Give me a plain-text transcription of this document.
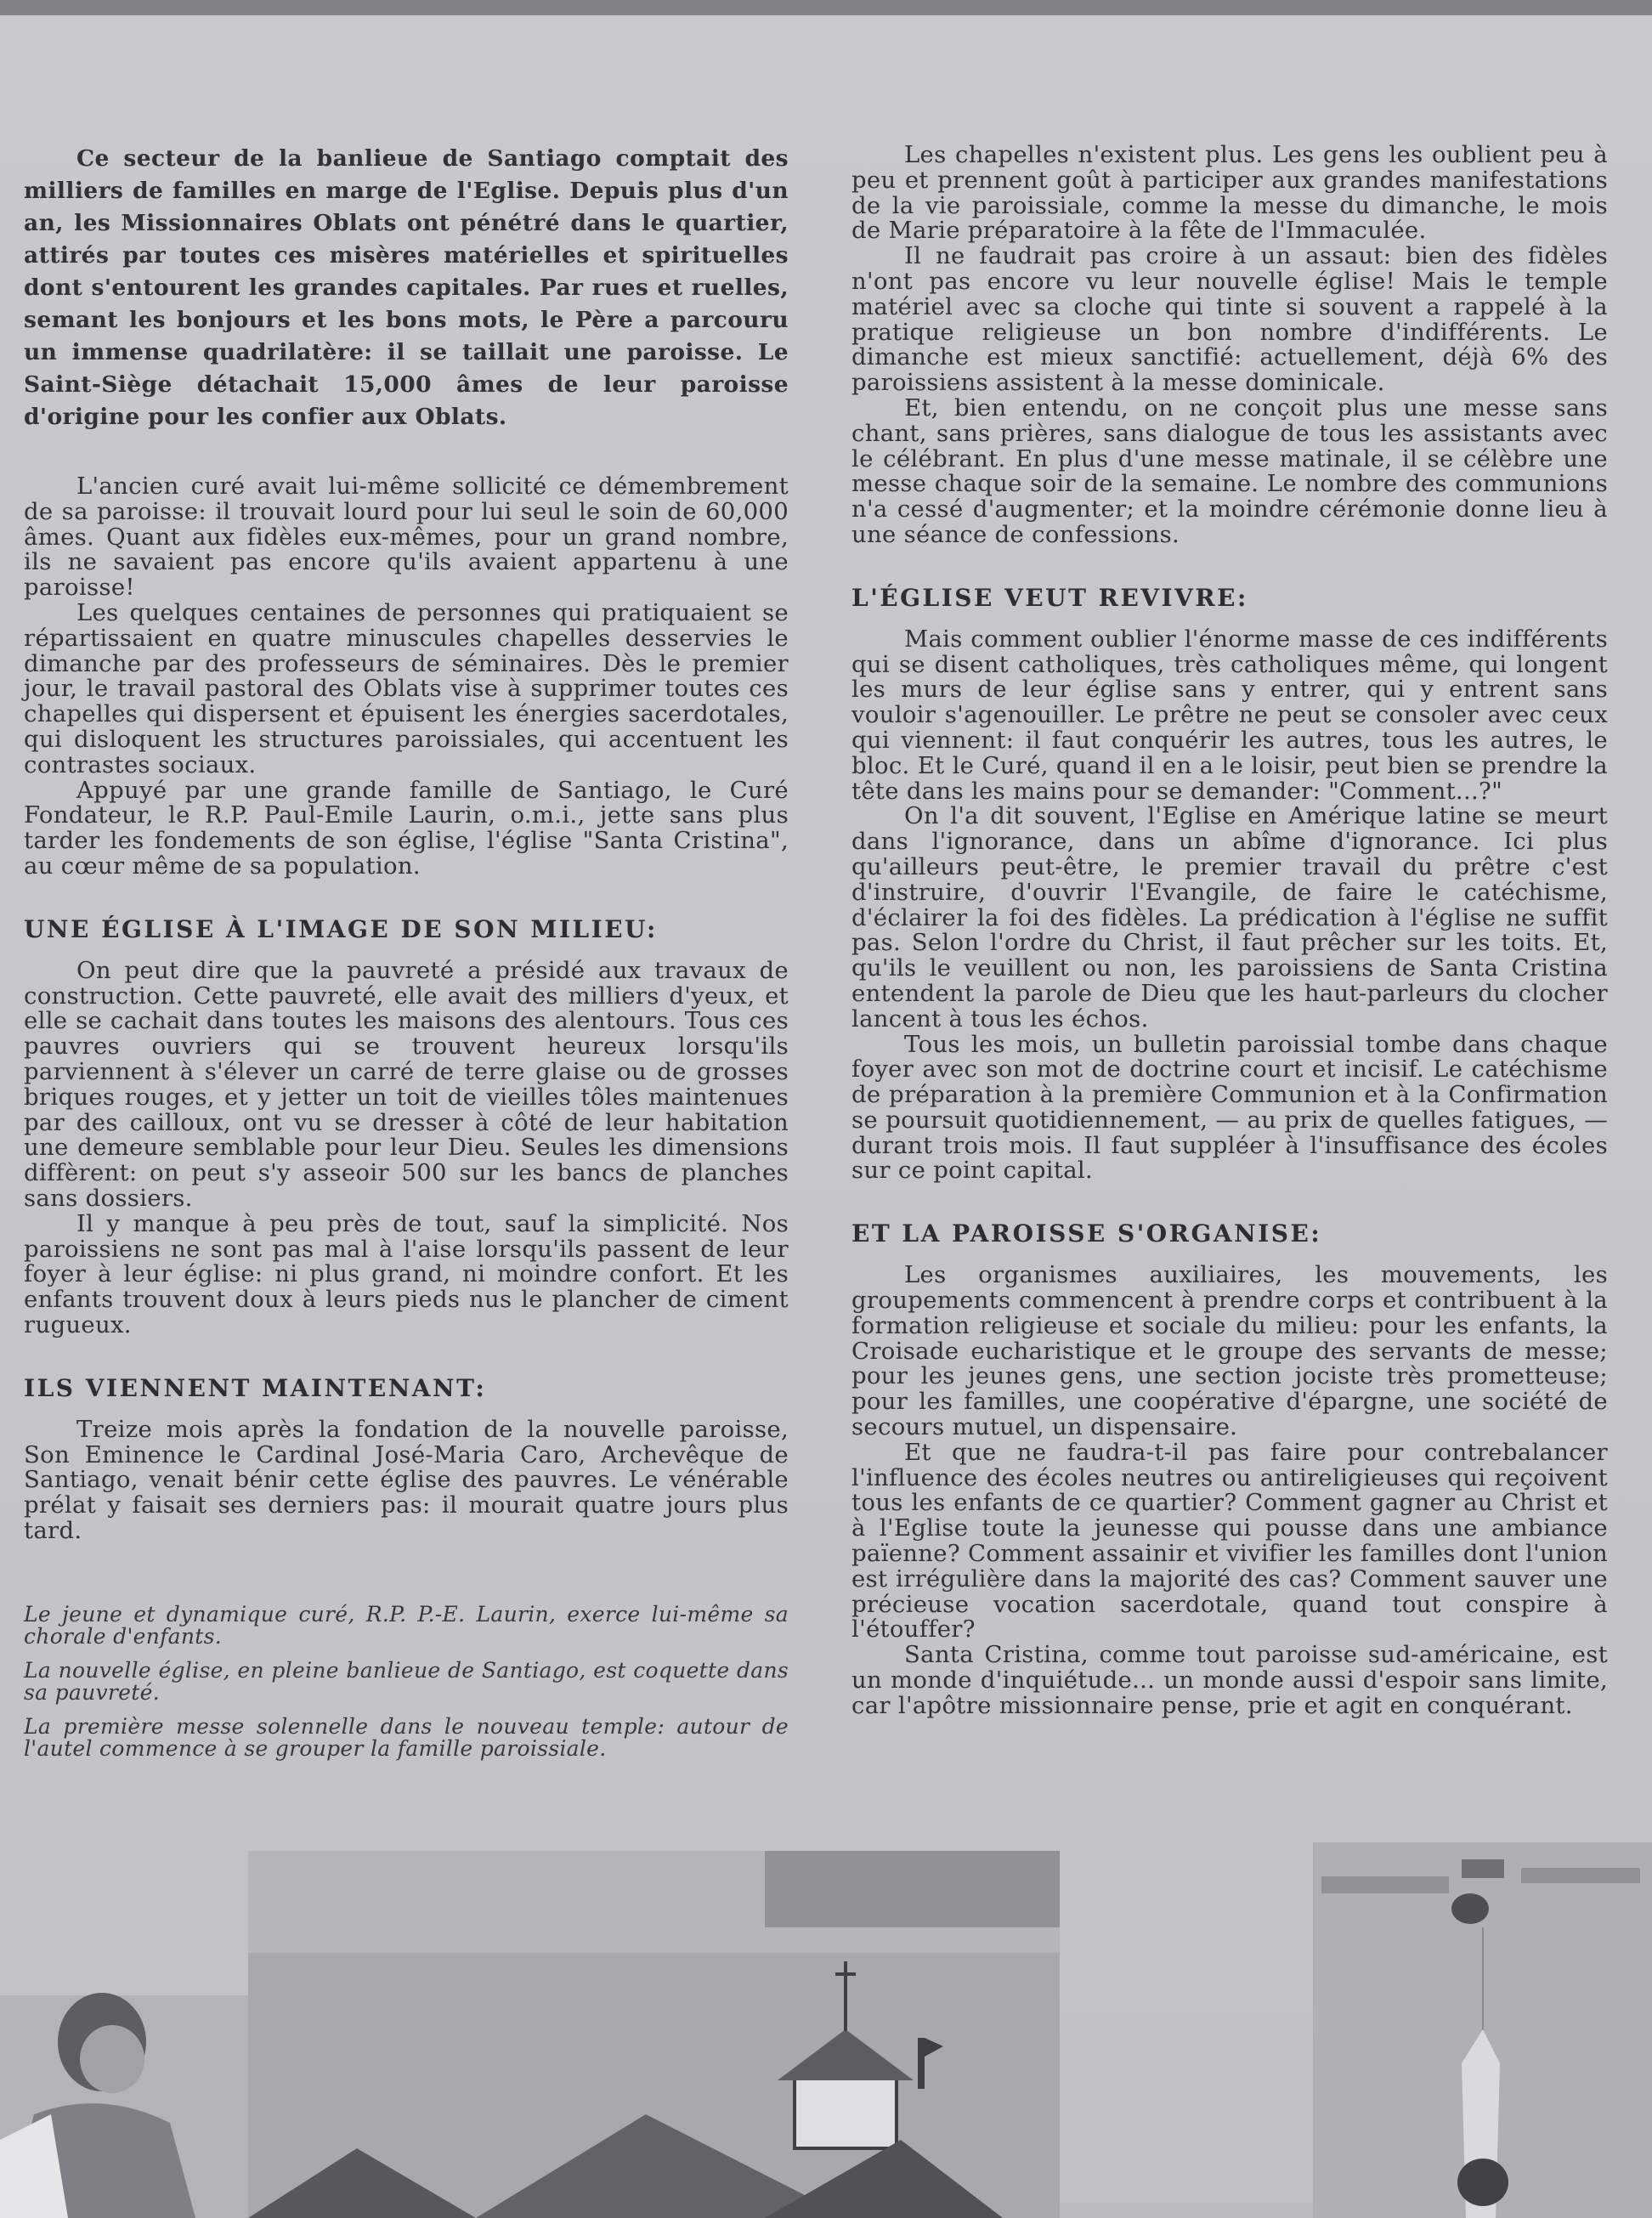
Ce secteur de la banlieue de Santiago comptait des milliers de familles en marge de l'Eglise. Depuis plus d'un an, les Missionnaires Oblats ont pénétré dans le quartier, attirés par toutes ces misères matérielles et spirituelles dont s'entourent les grandes capitales. Par rues et ruelles, semant les bonjours et les bons mots, le Père a parcouru un immense quadrilatère: il se taillait une paroisse. Le Saint-Siège détachait 15,000 âmes de leur paroisse d'origine pour les confier aux Oblats.

L'ancien curé avait lui-même sollicité ce démembrement de sa paroisse: il trouvait lourd pour lui seul le soin de 60,000 âmes. Quant aux fidèles eux-mêmes, pour un grand nombre, ils ne savaient pas encore qu'ils avaient appartenu à une paroisse!

Les quelques centaines de personnes qui pratiquaient se répartissaient en quatre minuscules chapelles desservies le dimanche par des professeurs de séminaires. Dès le premier jour, le travail pastoral des Oblats vise à supprimer toutes ces chapelles qui dispersent et épuisent les énergies sacerdotales, qui disloquent les structures paroissiales, qui accentuent les contrastes sociaux.

Appuyé par une grande famille de Santiago, le Curé Fondateur, le R.P. Paul-Emile Laurin, o.m.i., jette sans plus tarder les fondements de son église, l'église "Santa Cristina", au cœur même de sa population.

UNE ÉGLISE À L'IMAGE DE SON MILIEU:

On peut dire que la pauvreté a présidé aux travaux de construction. Cette pauvreté, elle avait des milliers d'yeux, et elle se cachait dans toutes les maisons des alentours. Tous ces pauvres ouvriers qui se trouvent heureux lorsqu'ils parviennent à s'élever un carré de terre glaise ou de grosses briques rouges, et y jetter un toit de vieilles tôles maintenues par des cailloux, ont vu se dresser à côté de leur habitation une demeure semblable pour leur Dieu. Seules les dimensions diffèrent: on peut s'y asseoir 500 sur les bancs de planches sans dossiers.

Il y manque à peu près de tout, sauf la simplicité. Nos paroissiens ne sont pas mal à l'aise lorsqu'ils passent de leur foyer à leur église: ni plus grand, ni moindre confort. Et les enfants trouvent doux à leurs pieds nus le plancher de ciment rugueux.

ILS VIENNENT MAINTENANT:

Treize mois après la fondation de la nouvelle paroisse, Son Eminence le Cardinal José-Maria Caro, Archevêque de Santiago, venait bénir cette église des pauvres. Le vénérable prélat y faisait ses derniers pas: il mourait quatre jours plus tard.

Le jeune et dynamique curé, R.P. P.-E. Laurin, exerce lui-même sa chorale d'enfants.

La nouvelle église, en pleine banlieue de Santiago, est coquette dans sa pauvreté.

La première messe solennelle dans le nouveau temple: autour de l'autel commence à se grouper la famille paroissiale.

Les chapelles n'existent plus. Les gens les oublient peu à peu et prennent goût à participer aux grandes manifestations de la vie paroissiale, comme la messe du dimanche, le mois de Marie préparatoire à la fête de l'Immaculée.

Il ne faudrait pas croire à un assaut: bien des fidèles n'ont pas encore vu leur nouvelle église! Mais le temple matériel avec sa cloche qui tinte si souvent a rappelé à la pratique religieuse un bon nombre d'indifférents. Le dimanche est mieux sanctifié: actuellement, déjà 6% des paroissiens assistent à la messe dominicale.

Et, bien entendu, on ne conçoit plus une messe sans chant, sans prières, sans dialogue de tous les assistants avec le célébrant. En plus d'une messe matinale, il se célèbre une messe chaque soir de la semaine. Le nombre des communions n'a cessé d'augmenter; et la moindre cérémonie donne lieu à une séance de confessions.

L'ÉGLISE VEUT REVIVRE:

Mais comment oublier l'énorme masse de ces indifférents qui se disent catholiques, très catholiques même, qui longent les murs de leur église sans y entrer, qui y entrent sans vouloir s'agenouiller. Le prêtre ne peut se consoler avec ceux qui viennent: il faut conquérir les autres, tous les autres, le bloc. Et le Curé, quand il en a le loisir, peut bien se prendre la tête dans les mains pour se demander: "Comment...?"

On l'a dit souvent, l'Eglise en Amérique latine se meurt dans l'ignorance, dans un abîme d'ignorance. Ici plus qu'ailleurs peut-être, le premier travail du prêtre c'est d'instruire, d'ouvrir l'Evangile, de faire le catéchisme, d'éclairer la foi des fidèles. La prédication à l'église ne suffit pas. Selon l'ordre du Christ, il faut prêcher sur les toits. Et, qu'ils le veuillent ou non, les paroissiens de Santa Cristina entendent la parole de Dieu que les haut-parleurs du clocher lancent à tous les échos.

Tous les mois, un bulletin paroissial tombe dans chaque foyer avec son mot de doctrine court et incisif. Le catéchisme de préparation à la première Communion et à la Confirmation se poursuit quotidiennement, — au prix de quelles fatigues, — durant trois mois. Il faut suppléer à l'insuffisance des écoles sur ce point capital.

ET LA PAROISSE S'ORGANISE:

Les organismes auxiliaires, les mouvements, les groupements commencent à prendre corps et contribuent à la formation religieuse et sociale du milieu: pour les enfants, la Croisade eucharistique et le groupe des servants de messe; pour les jeunes gens, une section jociste très prometteuse; pour les familles, une coopérative d'épargne, une société de secours mutuel, un dispensaire.

Et que ne faudra-t-il pas faire pour contrebalancer l'influence des écoles neutres ou antireligieuses qui reçoivent tous les enfants de ce quartier? Comment gagner au Christ et à l'Eglise toute la jeunesse qui pousse dans une ambiance païenne? Comment assainir et vivifier les familles dont l'union est irrégulière dans la majorité des cas? Comment sauver une précieuse vocation sacerdotale, quand tout conspire à l'étouffer?

Santa Cristina, comme tout paroisse sud-américaine, est un monde d'inquiétude... un monde aussi d'espoir sans limite, car l'apôtre missionnaire pense, prie et agit en conquérant.
